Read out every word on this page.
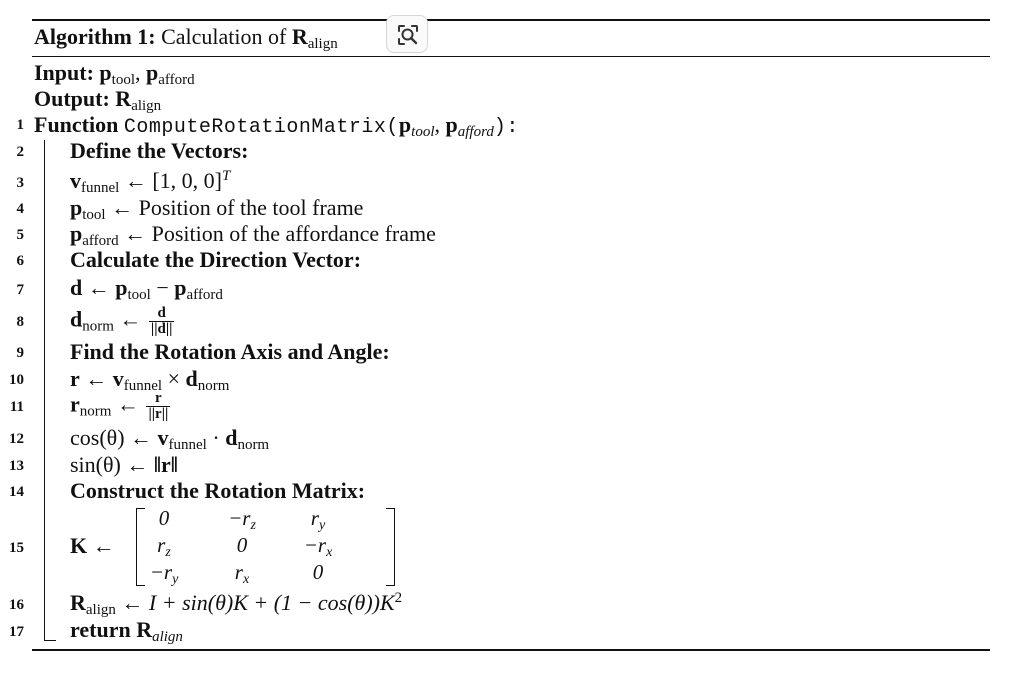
Algorithm 1: Calculation of $R_{align}$
Input: $p_{tool}$, $p_{afford}$
Output: $R_{align}$
1 Function $ComputeRotationMatrix(p_{tool}$, $p_{afford}$):
2
3
4
5
6
7
8
9
10
11
12
13
14
15
16
17
Define the Vectors:
$v_{funnel}$ ← [1, 0, 0]$^T$
$p_{tool}$ ← Position of the tool frame
$p_{afford}$ ← Position of the affordance frame
Calculate the Direction Vector:
d ← $p_{tool} - p_{afford}$
$d_{norm}$ ← $\frac{d}{||d||}$
Find the Rotation Axis and Angle:
r ← $v_{funnel} \times d_{norm}$
$r_{norm}$ ← $\frac{r}{||r||}$
cos(θ) ← $v_{funnel} \cdot d_{norm}$
sin(θ) ← ‖r‖
Construct the Rotation Matrix:
K ←
0	$-r_z$	$r_y$
$r_z$	0	$-r_x$
$-r_y$	$r_x$	0
$R_{align}$ ← $I + \sin(\theta)K + (1 - \cos(\theta))K^2$
return $R_{align}$
